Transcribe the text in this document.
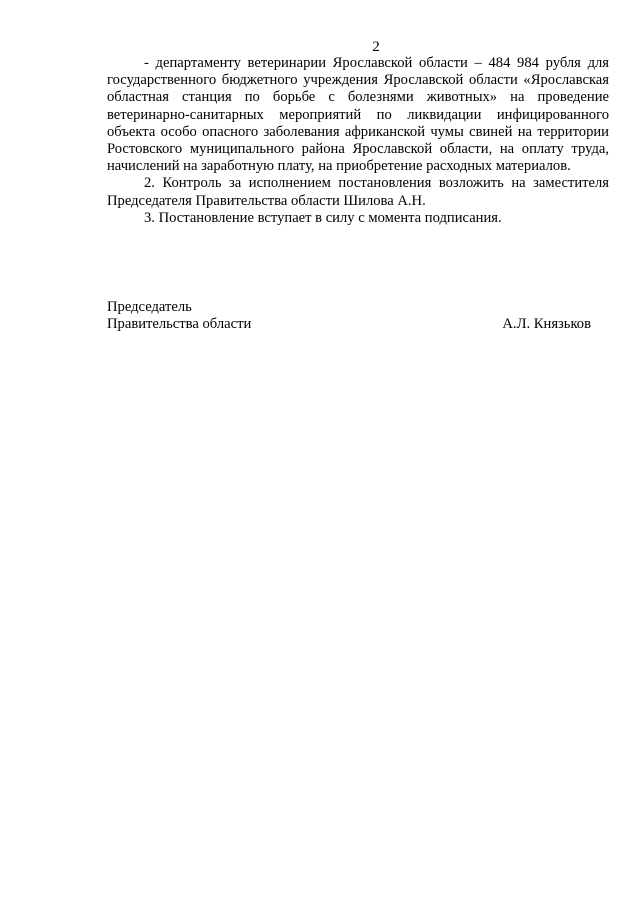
2

- департаменту ветеринарии Ярославской области – 484 984 рубля для государственного бюджетного учреждения Ярославской области «Ярославская областная станция по борьбе с болезнями животных» на проведение ветеринарно-санитарных мероприятий по ликвидации инфицированного объекта особо опасного заболевания африканской чумы свиней на территории Ростовского муниципального района Ярославской области, на оплату труда, начислений на заработную плату, на приобретение расходных материалов.

2. Контроль за исполнением постановления возложить на заместителя Председателя Правительства области Шилова А.Н.

3. Постановление вступает в силу с момента подписания.

Председатель
Правительства области	А.Л. Князьков
